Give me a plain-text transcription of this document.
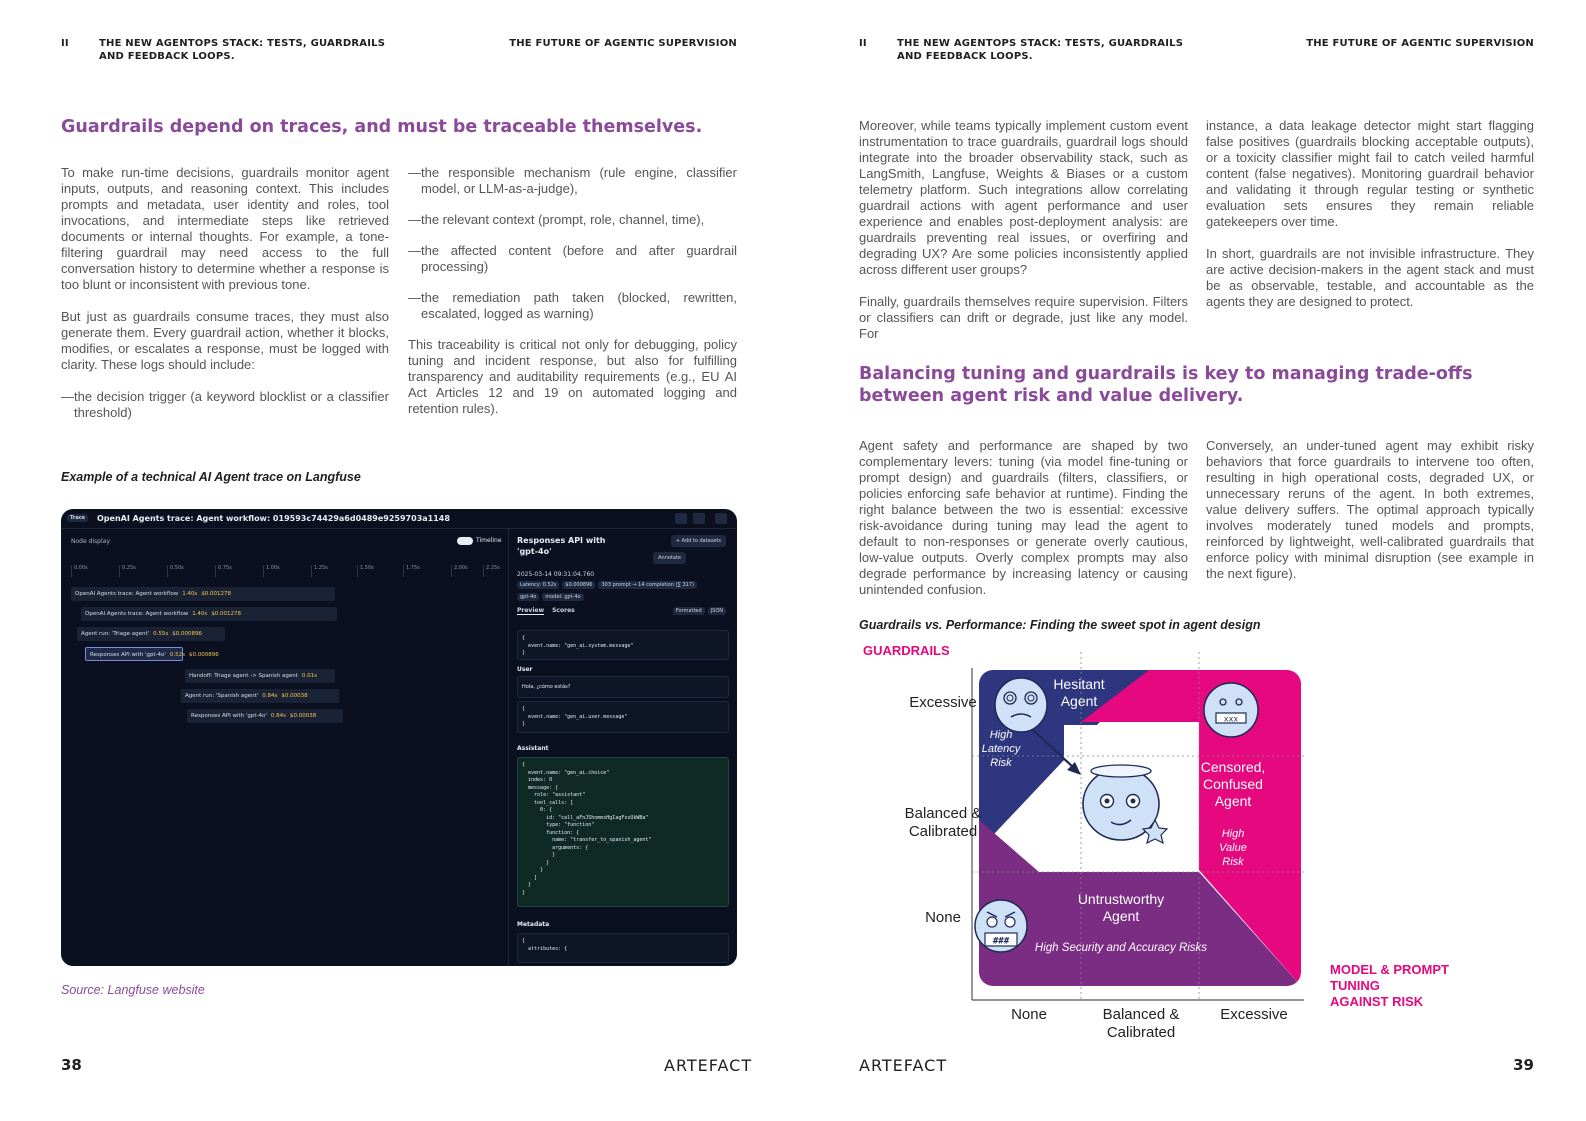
II	THE NEW AGENTOPS STACK: TESTS, GUARDRAILS
AND FEEDBACK LOOPS.
THE FUTURE OF AGENTIC SUPERVISION
Guardrails depend on traces, and must be traceable themselves.

To make run-time decisions, guardrails monitor agent inputs, outputs, and reasoning context. This includes prompts and metadata, user identity and roles, tool invocations, and intermediate steps like retrieved documents or internal thoughts. For example, a tone-filtering guardrail may need access to the full conversation history to determine whether a response is too blunt or inconsistent with previous tone.

But just as guardrails consume traces, they must also generate them. Every guardrail action, whether it blocks, modifies, or escalates a response, must be logged with clarity. These logs should include:

— the decision trigger (a keyword blocklist or a classifier threshold)
— the responsible mechanism (rule engine, classifier model, or LLM-as-a-judge),
— the relevant context (prompt, role, channel, time),
— the affected content (before and after guardrail processing)
— the remediation path taken (blocked, rewritten, escalated, logged as warning)

This traceability is critical not only for debugging, policy tuning and incident response, but also for fulfilling transparency and auditability requirements (e.g., EU AI Act Articles 12 and 19 on automated logging and retention rules).

Example of a technical AI Agent trace on Langfuse
Trace	OpenAI Agents trace: Agent workflow: 019593c74429a6d0489e9259703a1148
Node display	Timeline
0.00s	0.25s	0.50s	0.75s	1.00s	1.25s	1.50s	1.75s	2.00s	2.25s
OpenAI Agents trace: Agent workflow 1.40s $0.001278
OpenAI Agents trace: Agent workflow 1.40s $0.001278
Agent run: 'Triage agent' 0.55s $0.000896
Responses API with 'gpt-4o' 0.52s $0.000896
Handoff: Triage agent -> Spanish agent 0.01s
Agent run: 'Spanish agent' 0.84s $0.00038
Responses API with 'gpt-4o' 0.84s $0.00038
Responses API with
'gpt-4o'
+ Add to datasets
Annotate
2025-03-14 09:31:04.760
Latency: 0.52s $0.000896 303 prompt → 14 completion (∑ 317)
gpt-4o model: gpt-4o
Preview Scores	Formatted JSON
{
event.name: "gen_ai.system.message"
}
User
Hola, ¿cómo estás?
{
event.name: "gen_ai.user.message"
}
Assistant
{
event.name: "gen_ai.choice"
index: 0
message: {
role: "assistant"
tool_calls: [
0: {
id: "call_aFnJShommsHgIagFxsUkWBa"
type: "function"
function: {
name: "transfer_to_spanish_agent"
arguments: {
}
}
}
]
}
}
Metadata
{
attributes: {
Source: Langfuse website
38	ARTEFACT
II	THE NEW AGENTOPS STACK: TESTS, GUARDRAILS
AND FEEDBACK LOOPS.
THE FUTURE OF AGENTIC SUPERVISION

Moreover, while teams typically implement custom event instrumentation to trace guardrails, guardrail logs should integrate into the broader observability stack, such as LangSmith, Langfuse, Weights & Biases or a custom telemetry platform. Such integrations allow correlating guardrail actions with agent performance and user experience and enables post-deployment analysis: are guardrails preventing real issues, or overfiring and degrading UX? Are some policies inconsistently applied across different user groups?

Finally, guardrails themselves require supervision. Filters or classifiers can drift or degrade, just like any model. For

instance, a data leakage detector might start flagging false positives (guardrails blocking acceptable outputs), or a toxicity classifier might fail to catch veiled harmful content (false negatives). Monitoring guardrail behavior and validating it through regular testing or synthetic evaluation sets ensures they remain reliable gatekeepers over time.

In short, guardrails are not invisible infrastructure. They are active decision-makers in the agent stack and must be as observable, testable, and accountable as the agents they are designed to protect.

Balancing tuning and guardrails is key to managing trade-offs between agent risk and value delivery.
Agent safety and performance are shaped by two complementary levers: tuning (via model fine-tuning or prompt design) and guardrails (filters, classifiers, or policies enforcing safe behavior at runtime). Finding the right balance between the two is essential: excessive risk-avoidance during tuning may lead the agent to default to non-responses or generate overly cautious, low-value outputs. Overly complex prompts may also degrade performance by increasing latency or causing unintended confusion.
Conversely, an under-tuned agent may exhibit risky behaviors that force guardrails to intervene too often, resulting in high operational costs, degraded UX, or unnecessary reruns of the agent. In both extremes, value delivery suffers. The optimal approach typically involves moderately tuned models and prompts, reinforced by lightweight, well-calibrated guardrails that enforce policy with minimal disruption (see example in the next figure).
Guardrails vs. Performance: Finding the sweet spot in agent design
GUARDRAILS
Excessive
Balanced &
Calibrated
None
None	Balanced &
Calibrated
Excessive
MODEL & PROMPT
TUNING
AGAINST RISK
Hesitant
Agent
High
Latency
Risk
xxx
Censored,
Confused
Agent
High
Value
Risk
###
Untrustworthy
Agent
High Security and Accuracy Risks
ARTEFACT	39
